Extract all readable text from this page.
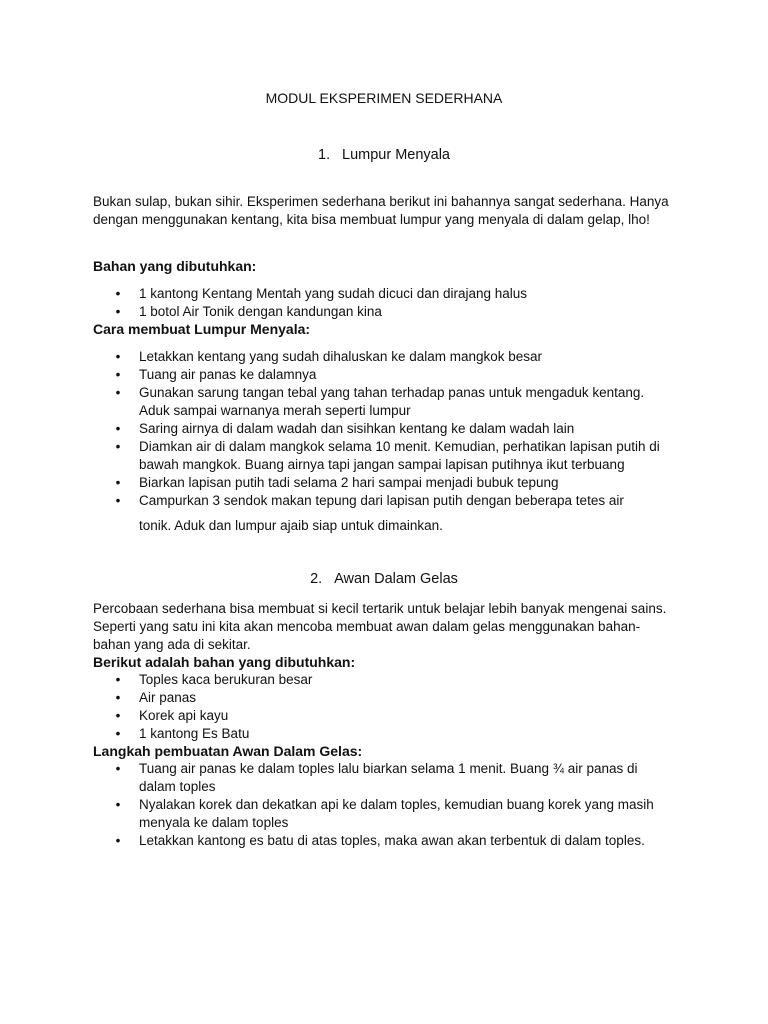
MODUL EKSPERIMEN SEDERHANA
1. Lumpur Menyala

Bukan sulap, bukan sihir. Eksperimen sederhana berikut ini bahannya sangat sederhana. Hanya dengan menggunakan kentang, kita bisa membuat lumpur yang menyala di dalam gelap, lho!

Bahan yang dibutuhkan:
• 1 kantong Kentang Mentah yang sudah dicuci dan dirajang halus
• 1 botol Air Tonik dengan kandungan kina
Cara membuat Lumpur Menyala:
• Letakkan kentang yang sudah dihaluskan ke dalam mangkok besar
• Tuang air panas ke dalamnya
• Gunakan sarung tangan tebal yang tahan terhadap panas untuk mengaduk kentang. Aduk sampai warnanya merah seperti lumpur
• Saring airnya di dalam wadah dan sisihkan kentang ke dalam wadah lain
• Diamkan air di dalam mangkok selama 10 menit. Kemudian, perhatikan lapisan putih di bawah mangkok. Buang airnya tapi jangan sampai lapisan putihnya ikut terbuang
• Biarkan lapisan putih tadi selama 2 hari sampai menjadi bubuk tepung
• Campurkan 3 sendok makan tepung dari lapisan putih dengan beberapa tetes air

tonik. Aduk dan lumpur ajaib siap untuk dimainkan.

2. Awan Dalam Gelas

Percobaan sederhana bisa membuat si kecil tertarik untuk belajar lebih banyak mengenai sains. Seperti yang satu ini kita akan mencoba membuat awan dalam gelas menggunakan bahan-bahan yang ada di sekitar.

Berikut adalah bahan yang dibutuhkan:
• Toples kaca berukuran besar
• Air panas
• Korek api kayu
• 1 kantong Es Batu
Langkah pembuatan Awan Dalam Gelas:
• Tuang air panas ke dalam toples lalu biarkan selama 1 menit. Buang ¾ air panas di dalam toples
• Nyalakan korek dan dekatkan api ke dalam toples, kemudian buang korek yang masih menyala ke dalam toples
• Letakkan kantong es batu di atas toples, maka awan akan terbentuk di dalam toples.
